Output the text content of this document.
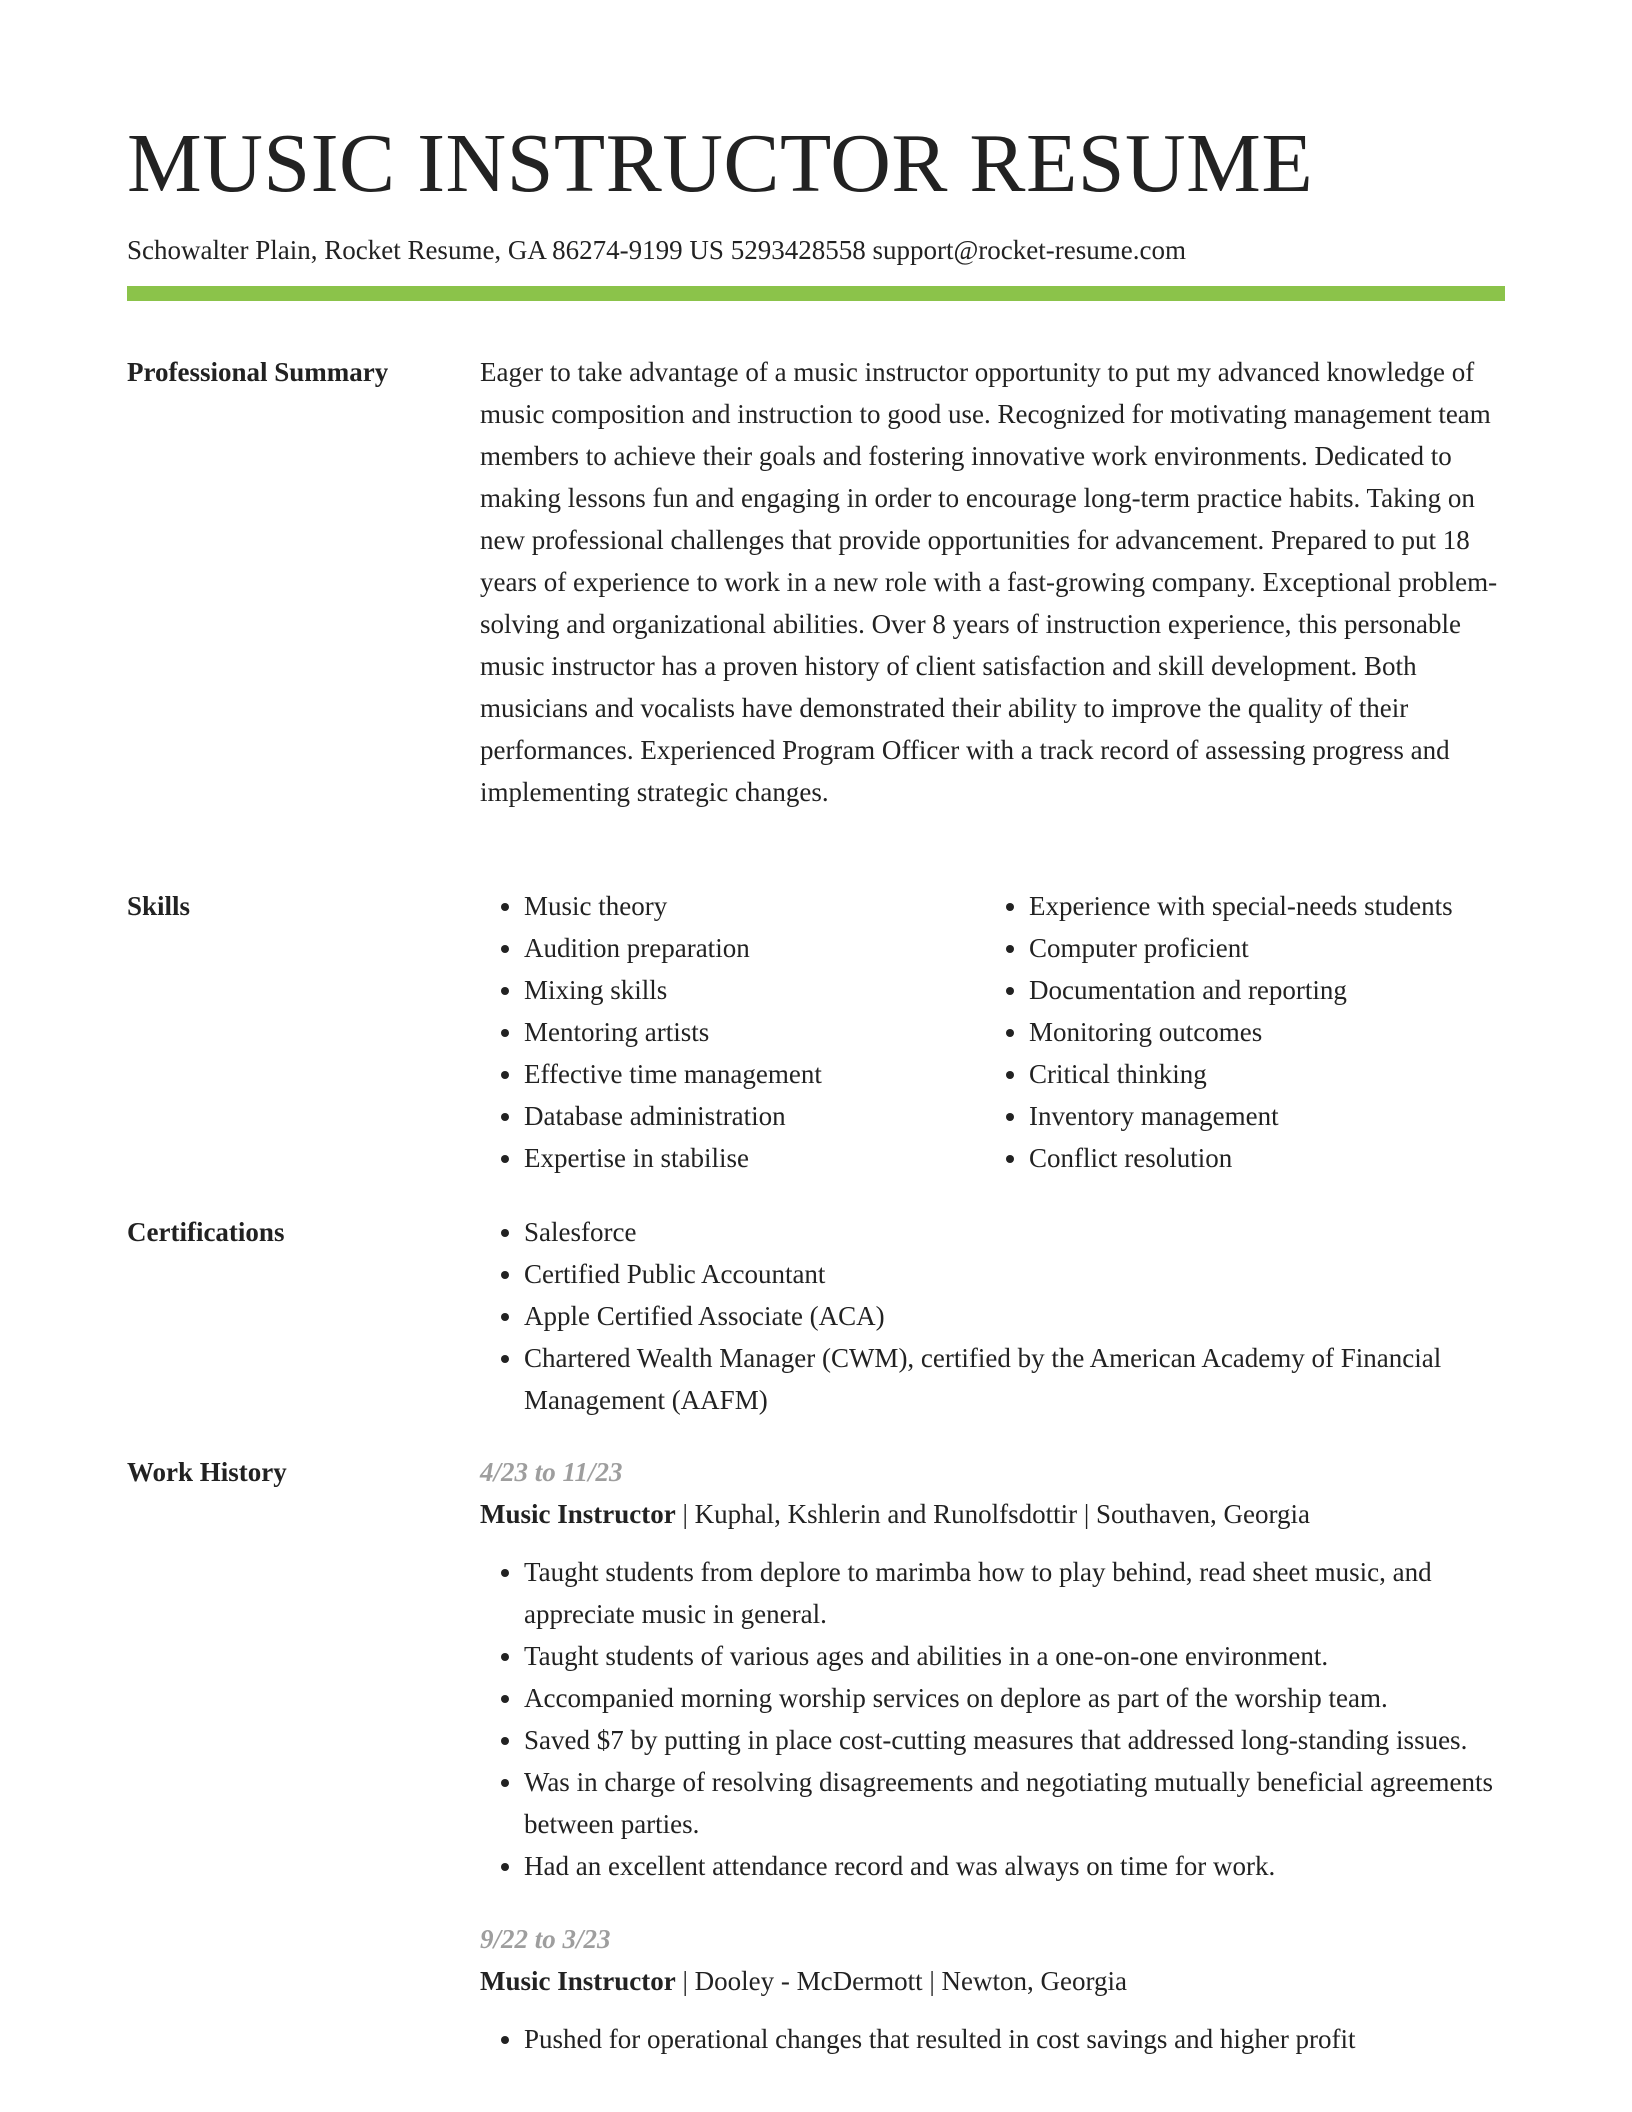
MUSIC INSTRUCTOR RESUME
Schowalter Plain, Rocket Resume, GA 86274-9199 US 5293428558 support@rocket-resume.com
Professional Summary	Eager to take advantage of a music instructor opportunity to put my advanced knowledge of music composition and instruction to good use. Recognized for motivating management team members to achieve their goals and fostering innovative work environments. Dedicated to making lessons fun and engaging in order to encourage long-term practice habits. Taking on new professional challenges that provide opportunities for advancement. Prepared to put 18 years of experience to work in a new role with a fast-growing company. Exceptional problem-solving and organizational abilities. Over 8 years of instruction experience, this personable music instructor has a proven history of client satisfaction and skill development. Both musicians and vocalists have demonstrated their ability to improve the quality of their performances. Experienced Program Officer with a track record of assessing progress and implementing strategic changes.

Skills	• Music theory
• Audition preparation
• Mixing skills
• Mentoring artists
• Effective time management
• Database administration
• Expertise in stabilise
• Experience with special-needs students
• Computer proficient
• Documentation and reporting
• Monitoring outcomes
• Critical thinking
• Inventory management
• Conflict resolution
Certifications	• Salesforce
• Certified Public Accountant
• Apple Certified Associate (ACA)
• Chartered Wealth Manager (CWM), certified by the American Academy of Financial Management (AAFM)
Work History	4/23 to 11/23

Music Instructor | Kuphal, Kshlerin and Runolfsdottir | Southaven, Georgia

• Taught students from deplore to marimba how to play behind, read sheet music, and appreciate music in general.
• Taught students of various ages and abilities in a one-on-one environment.
• Accompanied morning worship services on deplore as part of the worship team.
• Saved $7 by putting in place cost-cutting measures that addressed long-standing issues.
• Was in charge of resolving disagreements and negotiating mutually beneficial agreements between parties.
• Had an excellent attendance record and was always on time for work.

9/22 to 3/23

Music Instructor | Dooley - McDermott | Newton, Georgia

• Pushed for operational changes that resulted in cost savings and higher profit
